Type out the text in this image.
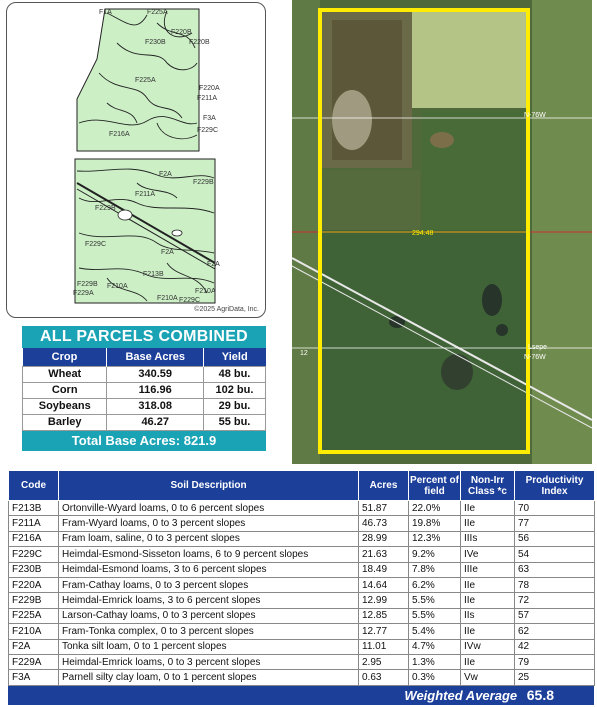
F1A	F225A
F220B
F230B	F220B
F225A
F220A
F211A
F3A
F229C
F216A
F2A
F229B
F211A
F229B
F229C
F2A
F213B
F210A
F2A
F229B
F229A	F210A
F229C
F210A
©2025 AgriData, Inc.
ALL PARCELS COMBINED
Crop	Base Acres	Yield
Wheat	340.59	48 bu.
Corn	116.96	102 bu.
Soybeans	318.08	29 bu.
Barley	46.27	55 bu.
Total Base Acres: 821.9
N-76W
294.48
Lsepe
N-76W
12
Code	Soil Description	Acres	Percent of field	Non-Irr Class *c	Productivity Index
F213B	Ortonville-Wyard loams, 0 to 6 percent slopes	51.87	22.0%	IIe	70
F211A	Fram-Wyard loams, 0 to 3 percent slopes	46.73	19.8%	IIe	77
F216A	Fram loam, saline, 0 to 3 percent slopes	28.99	12.3%	IIIs	56
F229C	Heimdal-Esmond-Sisseton loams, 6 to 9 percent slopes	21.63	9.2%	IVe	54
F230B	Heimdal-Esmond loams, 3 to 6 percent slopes	18.49	7.8%	IIIe	63
F220A	Fram-Cathay loams, 0 to 3 percent slopes	14.64	6.2%	IIe	78
F229B	Heimdal-Emrick loams, 3 to 6 percent slopes	12.99	5.5%	IIe	72
F225A	Larson-Cathay loams, 0 to 3 percent slopes	12.85	5.5%	IIs	57
F210A	Fram-Tonka complex, 0 to 3 percent slopes	12.77	5.4%	IIe	62
F2A	Tonka silt loam, 0 to 1 percent slopes	11.01	4.7%	IVw	42
F229A	Heimdal-Emrick loams, 0 to 3 percent slopes	2.95	1.3%	IIe	79
F3A	Parnell silty clay loam, 0 to 1 percent slopes	0.63	0.3%	Vw	25
Weighted Average 65.8
